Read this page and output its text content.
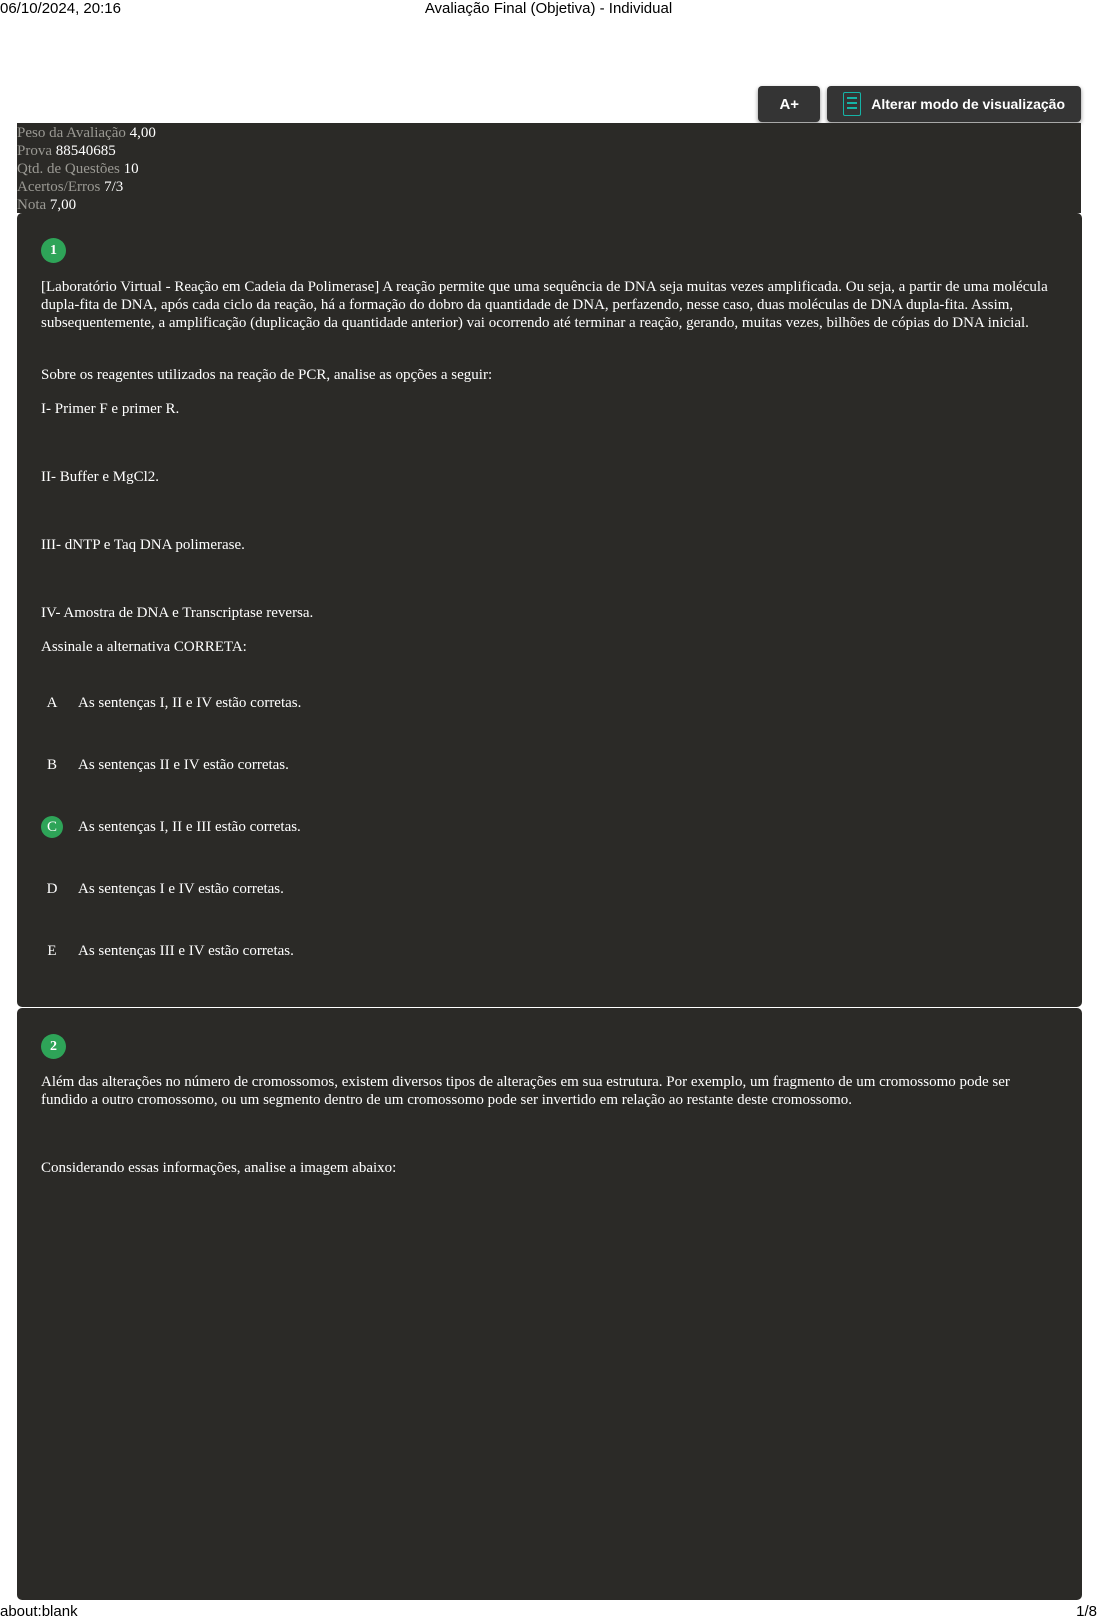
06/10/2024, 20:16	Avaliação Final (Objetiva) - Individual
A+	Alterar modo de visualização
Peso da Avaliação 4,00
Prova 88540685
Qtd. de Questões 10
Acertos/Erros 7/3
Nota 7,00
1

[Laboratório Virtual - Reação em Cadeia da Polimerase] A reação permite que uma sequência de DNA seja muitas vezes amplificada. Ou seja, a partir de uma molécula dupla-fita de DNA, após cada ciclo da reação, há a formação do dobro da quantidade de DNA, perfazendo, nesse caso, duas moléculas de DNA dupla-fita. Assim, subsequentemente, a amplificação (duplicação da quantidade anterior) vai ocorrendo até terminar a reação, gerando, muitas vezes, bilhões de cópias do DNA inicial.

Sobre os reagentes utilizados na reação de PCR, analise as opções a seguir:
I- Primer F e primer R.
II- Buffer e MgCl2.
III- dNTP e Taq DNA polimerase.
IV- Amostra de DNA e Transcriptase reversa.
Assinale a alternativa CORRETA:
A	As sentenças I, II e IV estão corretas.
B	As sentenças II e IV estão corretas.
C	As sentenças I, II e III estão corretas.
D	As sentenças I e IV estão corretas.
E	As sentenças III e IV estão corretas.
2
Além das alterações no número de cromossomos, existem diversos tipos de alterações em sua estrutura. Por exemplo, um fragmento de um cromossomo pode ser fundido a outro cromossomo, ou um segmento dentro de um cromossomo pode ser invertido em relação ao restante deste cromossomo.
Considerando essas informações, analise a imagem abaixo:
about:blank	1/8
